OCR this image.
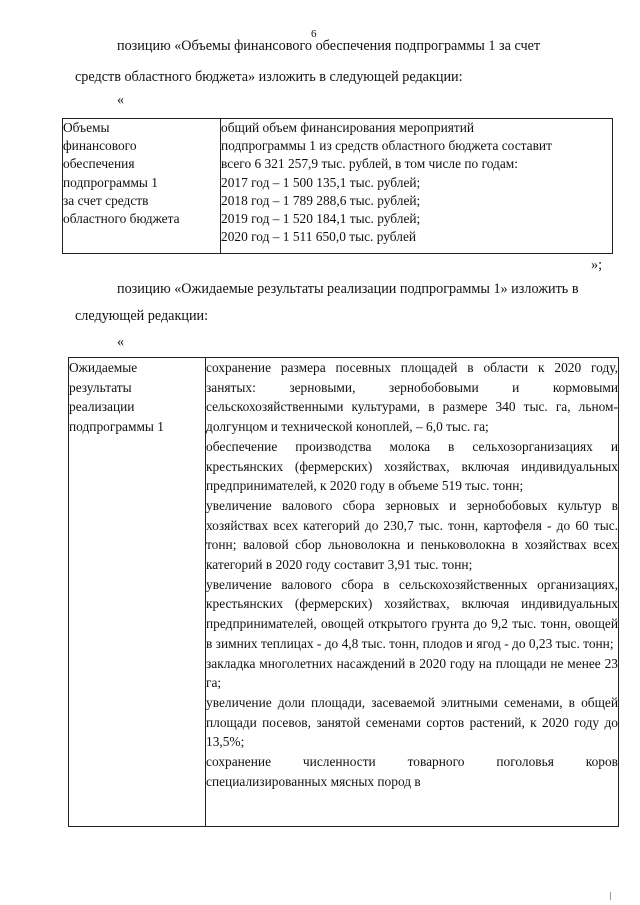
6

позицию «Объемы финансового обеспечения подпрограммы 1 за счет

средств областного бюджета» изложить в следующей редакции:

«
Объемы
финансового
обеспечения
подпрограммы 1
за счет средств
областного бюджета

общий объем финансирования мероприятий
подпрограммы 1 из средств областного бюджета составит
всего 6 321 257,9 тыс. рублей, в том числе по годам:
2017 год – 1 500 135,1 тыс. рублей;
2018 год – 1 789 288,6 тыс. рублей;
2019 год – 1 520 184,1 тыс. рублей;
2020 год – 1 511 650,0 тыс. рублей
»;

позицию «Ожидаемые результаты реализации подпрограммы 1» изложить в

следующей редакции:

«
Ожидаемые
результаты
реализации
подпрограммы 1

сохранение размера посевных площадей в области к 2020 году, занятых: зерновыми, зернобобовыми и кормовыми сельскохозяйственными культурами, в размере 340 тыс. га, льном-долгунцом и технической коноплей, – 6,0 тыс. га;
обеспечение производства молока в сельхозорганизациях и крестьянских (фермерских) хозяйствах, включая индивидуальных предпринимателей, к 2020 году в объеме 519 тыс. тонн;
увеличение валового сбора зерновых и зернобобовых культур в хозяйствах всех категорий до 230,7 тыс. тонн, картофеля - до 60 тыс. тонн; валовой сбор льноволокна и пеньковолокна в хозяйствах всех категорий в 2020 году составит 3,91 тыс. тонн;
увеличение валового сбора в сельскохозяйственных организациях, крестьянских (фермерских) хозяйствах, включая индивидуальных предпринимателей, овощей открытого грунта до 9,2 тыс. тонн, овощей в зимних теплицах - до 4,8 тыс. тонн, плодов и ягод - до 0,23 тыс. тонн;
закладка многолетних насаждений в 2020 году на площади не менее 23 га;
увеличение доли площади, засеваемой элитными семенами, в общей площади посевов, занятой семенами сортов растений, к 2020 году до 13,5%;
сохранение численности товарного поголовья коров специализированных мясных пород в
